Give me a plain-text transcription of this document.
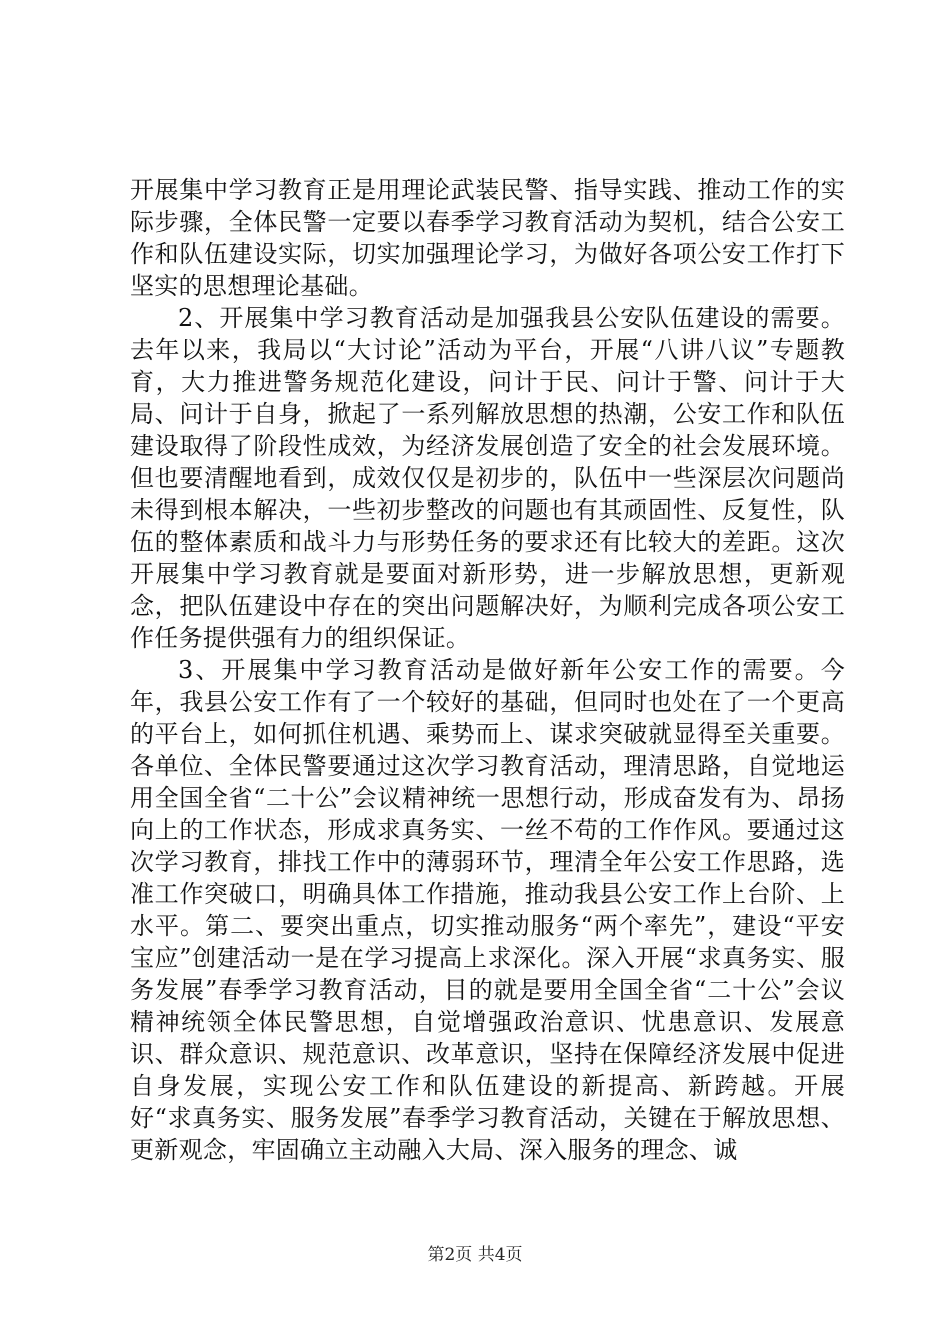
开展集中学习教育正是用理论武装民警、指导实践、推动工作的实际步骤，全体民警一定要以春季学习教育活动为契机，结合公安工作和队伍建设实际，切实加强理论学习，为做好各项公安工作打下坚实的思想理论基础。

2、开展集中学习教育活动是加强我县公安队伍建设的需要。去年以来，我局以“大讨论”活动为平台，开展“八讲八议”专题教育，大力推进警务规范化建设，问计于民、问计于警、问计于大局、问计于自身，掀起了一系列解放思想的热潮，公安工作和队伍建设取得了阶段性成效，为经济发展创造了安全的社会发展环境。但也要清醒地看到，成效仅仅是初步的，队伍中一些深层次问题尚未得到根本解决，一些初步整改的问题也有其顽固性、反复性，队伍的整体素质和战斗力与形势任务的要求还有比较大的差距。这次开展集中学习教育就是要面对新形势，进一步解放思想，更新观念，把队伍建设中存在的突出问题解决好，为顺利完成各项公安工作任务提供强有力的组织保证。

3、开展集中学习教育活动是做好新年公安工作的需要。今年，我县公安工作有了一个较好的基础，但同时也处在了一个更高的平台上，如何抓住机遇、乘势而上、谋求突破就显得至关重要。各单位、全体民警要通过这次学习教育活动，理清思路，自觉地运用全国全省“二十公”会议精神统一思想行动，形成奋发有为、昂扬向上的工作状态，形成求真务实、一丝不苟的工作作风。要通过这次学习教育，排找工作中的薄弱环节，理清全年公安工作思路，选准工作突破口，明确具体工作措施，推动我县公安工作上台阶、上水平。第二、要突出重点，切实推动服务“两个率先”，建设“平安宝应”创建活动一是在学习提高上求深化。深入开展“求真务实、服务发展”春季学习教育活动，目的就是要用全国全省“二十公”会议精神统领全体民警思想，自觉增强政治意识、忧患意识、发展意识、群众意识、规范意识、改革意识，坚持在保障经济发展中促进自身发展，实现公安工作和队伍建设的新提高、新跨越。开展好“求真务实、服务发展”春季学习教育活动，关键在于解放思想、更新观念，牢固确立主动融入大局、深入服务的理念、诚

第2页 共4页
